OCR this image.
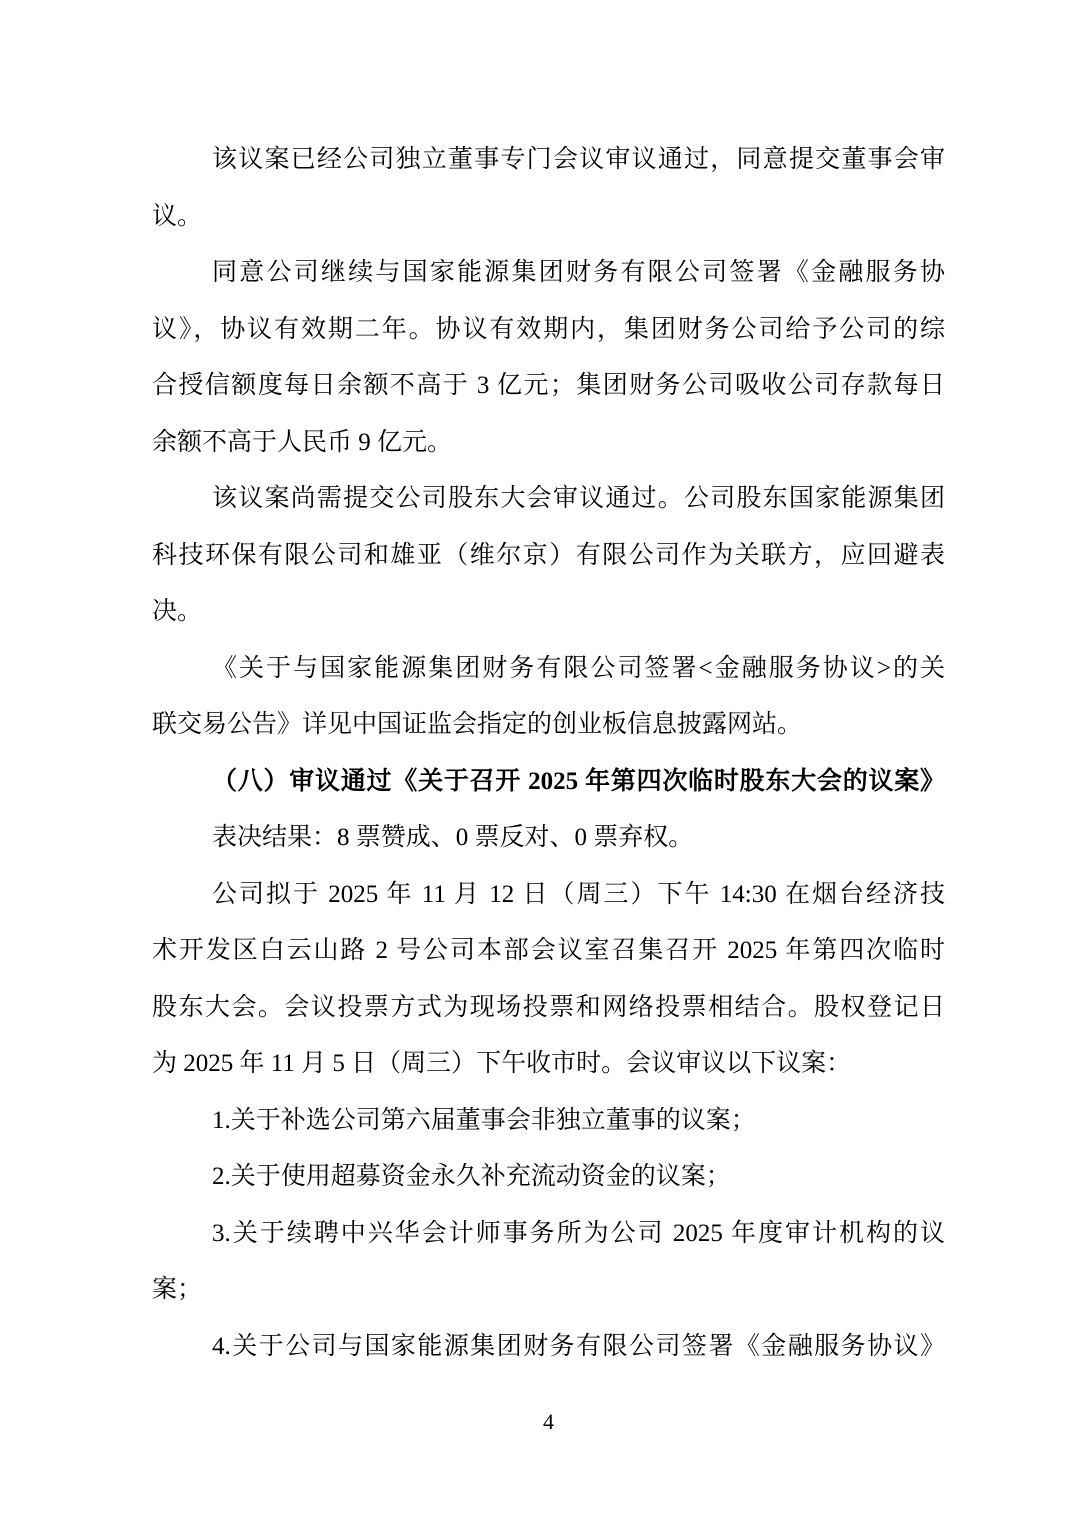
该议案已经公司独立董事专门会议审议通过，同意提交董事会审
议。
同意公司继续与国家能源集团财务有限公司签署《金融服务协
议》，协议有效期二年。协议有效期内，集团财务公司给予公司的综
合授信额度每日余额不高于 3 亿元；集团财务公司吸收公司存款每日
余额不高于人民币 9 亿元。
该议案尚需提交公司股东大会审议通过。公司股东国家能源集团
科技环保有限公司和雄亚（维尔京）有限公司作为关联方，应回避表
决。
《关于与国家能源集团财务有限公司签署<金融服务协议>的关
联交易公告》详见中国证监会指定的创业板信息披露网站。
（八）审议通过《关于召开 2025 年第四次临时股东大会的议案》
表决结果：8 票赞成、0 票反对、0 票弃权。
公司拟于 2025 年 11 月 12 日（周三）下午 14:30 在烟台经济技
术开发区白云山路 2 号公司本部会议室召集召开 2025 年第四次临时
股东大会。会议投票方式为现场投票和网络投票相结合。股权登记日
为 2025 年 11 月 5 日（周三）下午收市时。会议审议以下议案：
1.关于补选公司第六届董事会非独立董事的议案；
2.关于使用超募资金永久补充流动资金的议案；
3.关于续聘中兴华会计师事务所为公司 2025 年度审计机构的议
案；
4.关于公司与国家能源集团财务有限公司签署《金融服务协议》
4
